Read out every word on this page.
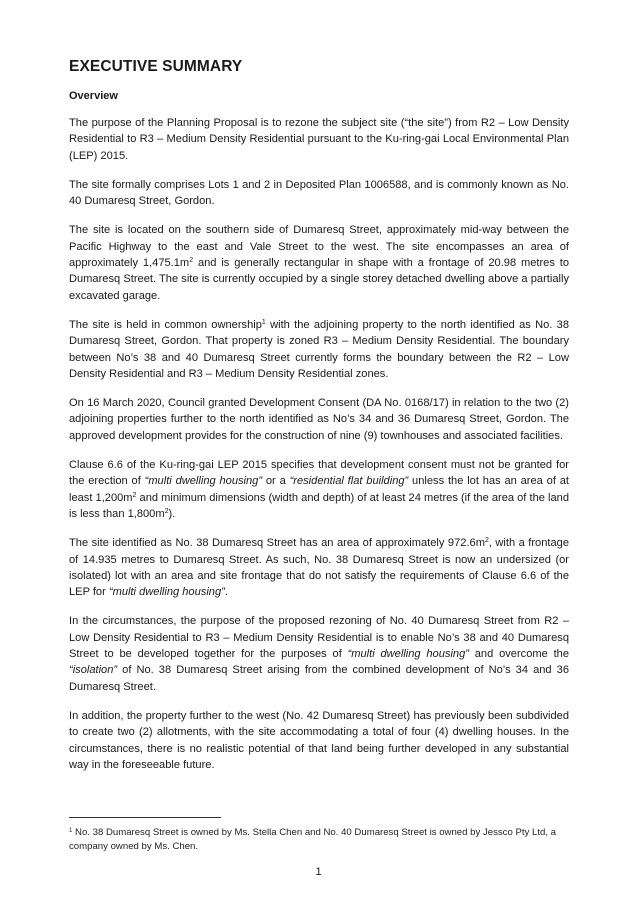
EXECUTIVE SUMMARY
Overview

The purpose of the Planning Proposal is to rezone the subject site (“the site”) from R2 – Low Density Residential to R3 – Medium Density Residential pursuant to the Ku-ring-gai Local Environmental Plan (LEP) 2015.

The site formally comprises Lots 1 and 2 in Deposited Plan 1006588, and is commonly known as No. 40 Dumaresq Street, Gordon.

The site is located on the southern side of Dumaresq Street, approximately mid-way between the Pacific Highway to the east and Vale Street to the west. The site encompasses an area of approximately $1,475.1m^2$ and is generally rectangular in shape with a frontage of 20.98 metres to Dumaresq Street. The site is currently occupied by a single storey detached dwelling above a partially excavated garage.

The site is held in common ownership$^1$ with the adjoining property to the north identified as No. 38 Dumaresq Street, Gordon. That property is zoned R3 – Medium Density Residential. The boundary between No’s 38 and 40 Dumaresq Street currently forms the boundary between the R2 – Low Density Residential and R3 – Medium Density Residential zones.

On 16 March 2020, Council granted Development Consent (DA No. 0168/17) in relation to the two (2) adjoining properties further to the north identified as No’s 34 and 36 Dumaresq Street, Gordon. The approved development provides for the construction of nine (9) townhouses and associated facilities.

Clause 6.6 of the Ku-ring-gai LEP 2015 specifies that development consent must not be granted for the erection of “multi dwelling housing” or a “residential flat building” unless the lot has an area of at least $1,200m^2$ and minimum dimensions (width and depth) of at least 24 metres (if the area of the land is less than $1,800m^2$).

The site identified as No. 38 Dumaresq Street has an area of approximately $972.6m^2$, with a frontage of 14.935 metres to Dumaresq Street. As such, No. 38 Dumaresq Street is now an undersized (or isolated) lot with an area and site frontage that do not satisfy the requirements of Clause 6.6 of the LEP for “multi dwelling housing”.

In the circumstances, the purpose of the proposed rezoning of No. 40 Dumaresq Street from R2 – Low Density Residential to R3 – Medium Density Residential is to enable No’s 38 and 40 Dumaresq Street to be developed together for the purposes of “multi dwelling housing” and overcome the “isolation” of No. 38 Dumaresq Street arising from the combined development of No’s 34 and 36 Dumaresq Street.

In addition, the property further to the west (No. 42 Dumaresq Street) has previously been subdivided to create two (2) allotments, with the site accommodating a total of four (4) dwelling houses. In the circumstances, there is no realistic potential of that land being further developed in any substantial way in the foreseeable future.

$^1$ No. 38 Dumaresq Street is owned by Ms. Stella Chen and No. 40 Dumaresq Street is owned by Jessco Pty Ltd, a company owned by Ms. Chen.

1
